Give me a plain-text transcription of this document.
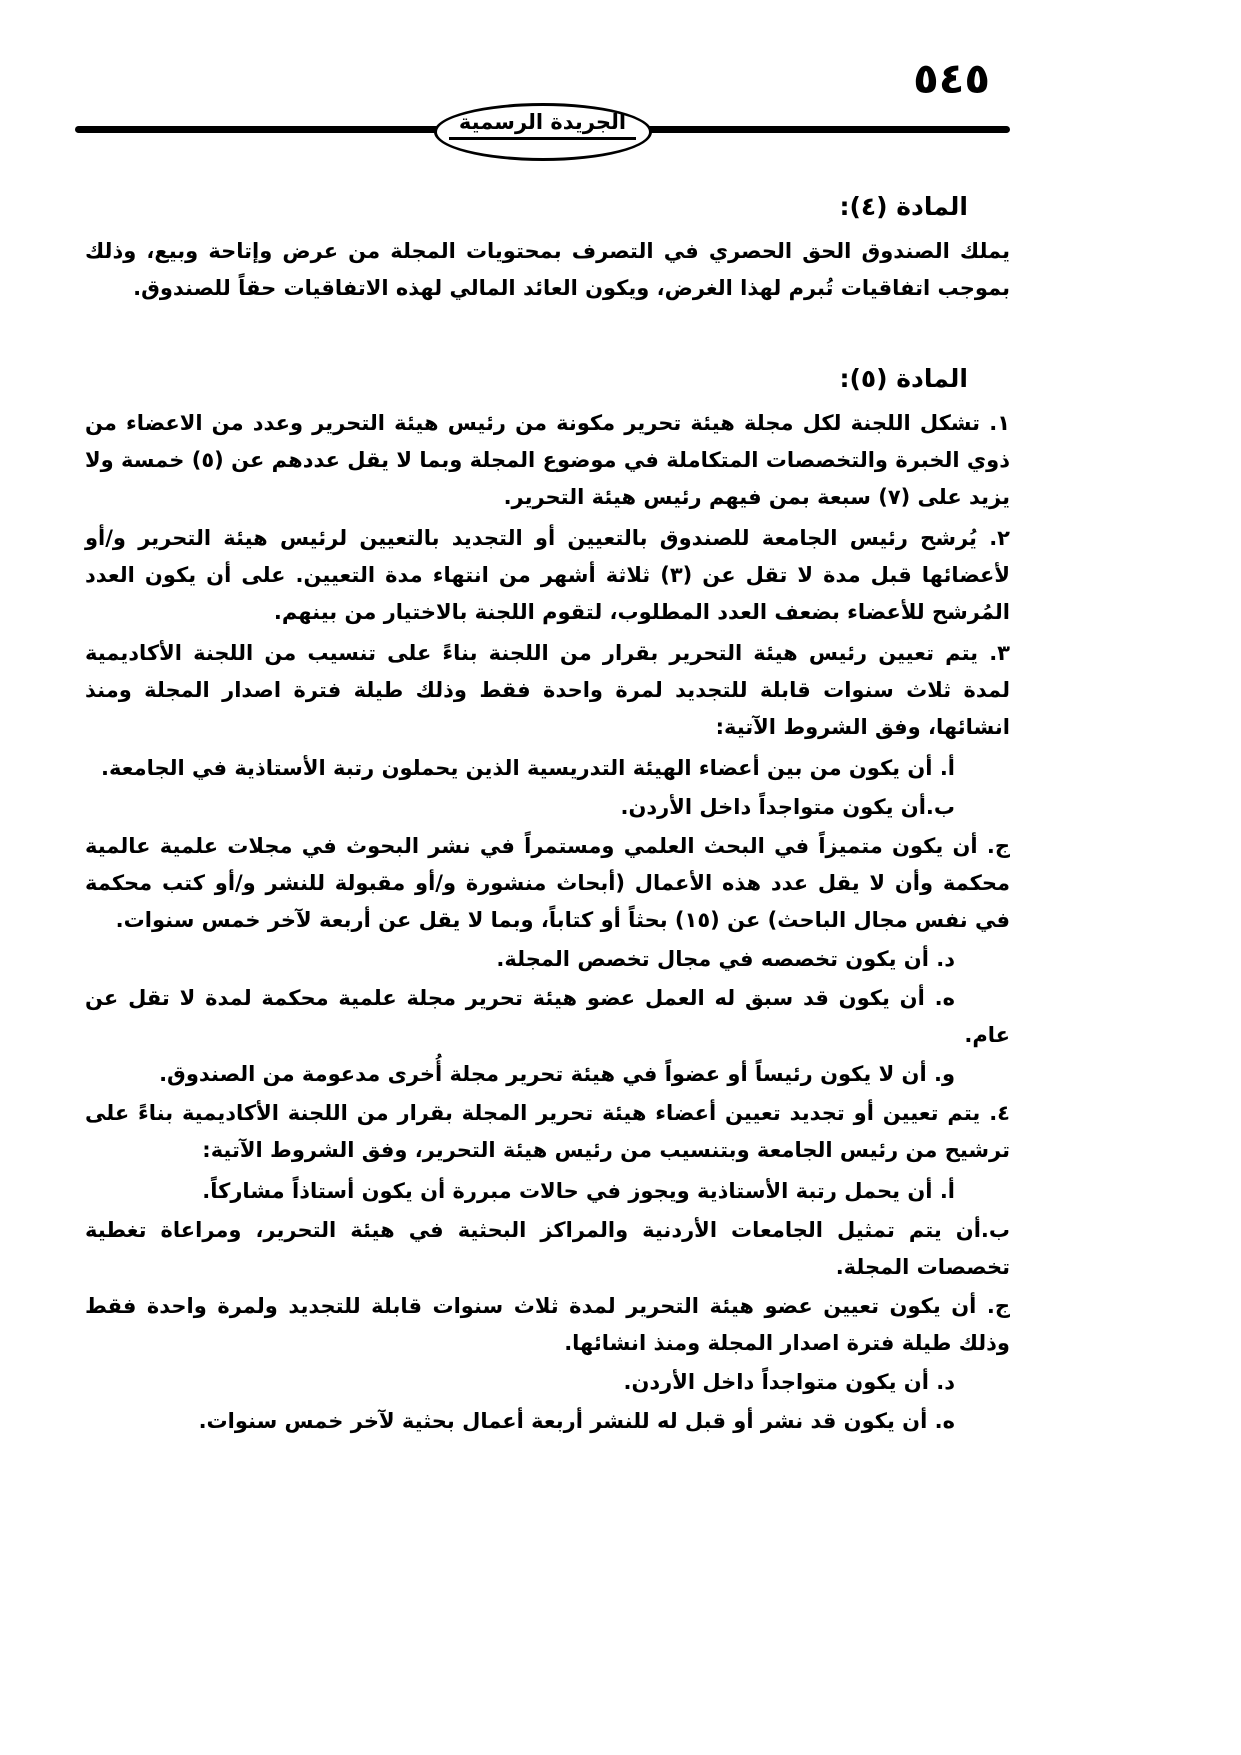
٥٤٥
الجريدة الرسمية
المادة (٤):

يملك الصندوق الحق الحصري في التصرف بمحتويات المجلة من عرض وإتاحة وبيع، وذلك بموجب اتفاقيات تُبرم لهذا الغرض، ويكون العائد المالي لهذه الاتفاقيات حقاً للصندوق.

المادة (٥):

١. تشكل اللجنة لكل مجلة هيئة تحرير مكونة من رئيس هيئة التحرير وعدد من الاعضاء من ذوي الخبرة والتخصصات المتكاملة في موضوع المجلة وبما لا يقل عددهم عن (٥) خمسة ولا يزيد على (٧) سبعة بمن فيهم رئيس هيئة التحرير.

٢. يُرشح رئيس الجامعة للصندوق بالتعيين أو التجديد بالتعيين لرئيس هيئة التحرير و/أو لأعضائها قبل مدة لا تقل عن (٣) ثلاثة أشهر من انتهاء مدة التعيين. على أن يكون العدد المُرشح للأعضاء بضعف العدد المطلوب، لتقوم اللجنة بالاختيار من بينهم.

٣. يتم تعيين رئيس هيئة التحرير بقرار من اللجنة بناءً على تنسيب من اللجنة الأكاديمية لمدة ثلاث سنوات قابلة للتجديد لمرة واحدة فقط وذلك طيلة فترة اصدار المجلة ومنذ انشائها، وفق الشروط الآتية:

أ. أن يكون من بين أعضاء الهيئة التدريسية الذين يحملون رتبة الأستاذية في الجامعة.

ب.أن يكون متواجداً داخل الأردن.

ج. أن يكون متميزاً في البحث العلمي ومستمراً في نشر البحوث في مجلات علمية عالمية محكمة وأن لا يقل عدد هذه الأعمال (أبحاث منشورة و/أو مقبولة للنشر و/أو كتب محكمة في نفس مجال الباحث) عن (١٥) بحثاً أو كتاباً، وبما لا يقل عن أربعة لآخر خمس سنوات.

د. أن يكون تخصصه في مجال تخصص المجلة.

ه. أن يكون قد سبق له العمل عضو هيئة تحرير مجلة علمية محكمة لمدة لا تقل عن عام.

و. أن لا يكون رئيساً أو عضواً في هيئة تحرير مجلة أُخرى مدعومة من الصندوق.

٤. يتم تعيين أو تجديد تعيين أعضاء هيئة تحرير المجلة بقرار من اللجنة الأكاديمية بناءً على ترشيح من رئيس الجامعة وبتنسيب من رئيس هيئة التحرير، وفق الشروط الآتية:

أ. أن يحمل رتبة الأستاذية ويجوز في حالات مبررة أن يكون أستاذاً مشاركاً.

ب.أن يتم تمثيل الجامعات الأردنية والمراكز البحثية في هيئة التحرير، ومراعاة تغطية تخصصات المجلة.

ج. أن يكون تعيين عضو هيئة التحرير لمدة ثلاث سنوات قابلة للتجديد ولمرة واحدة فقط وذلك طيلة فترة اصدار المجلة ومنذ انشائها.

د. أن يكون متواجداً داخل الأردن.

ه. أن يكون قد نشر أو قبل له للنشر أربعة أعمال بحثية لآخر خمس سنوات.
